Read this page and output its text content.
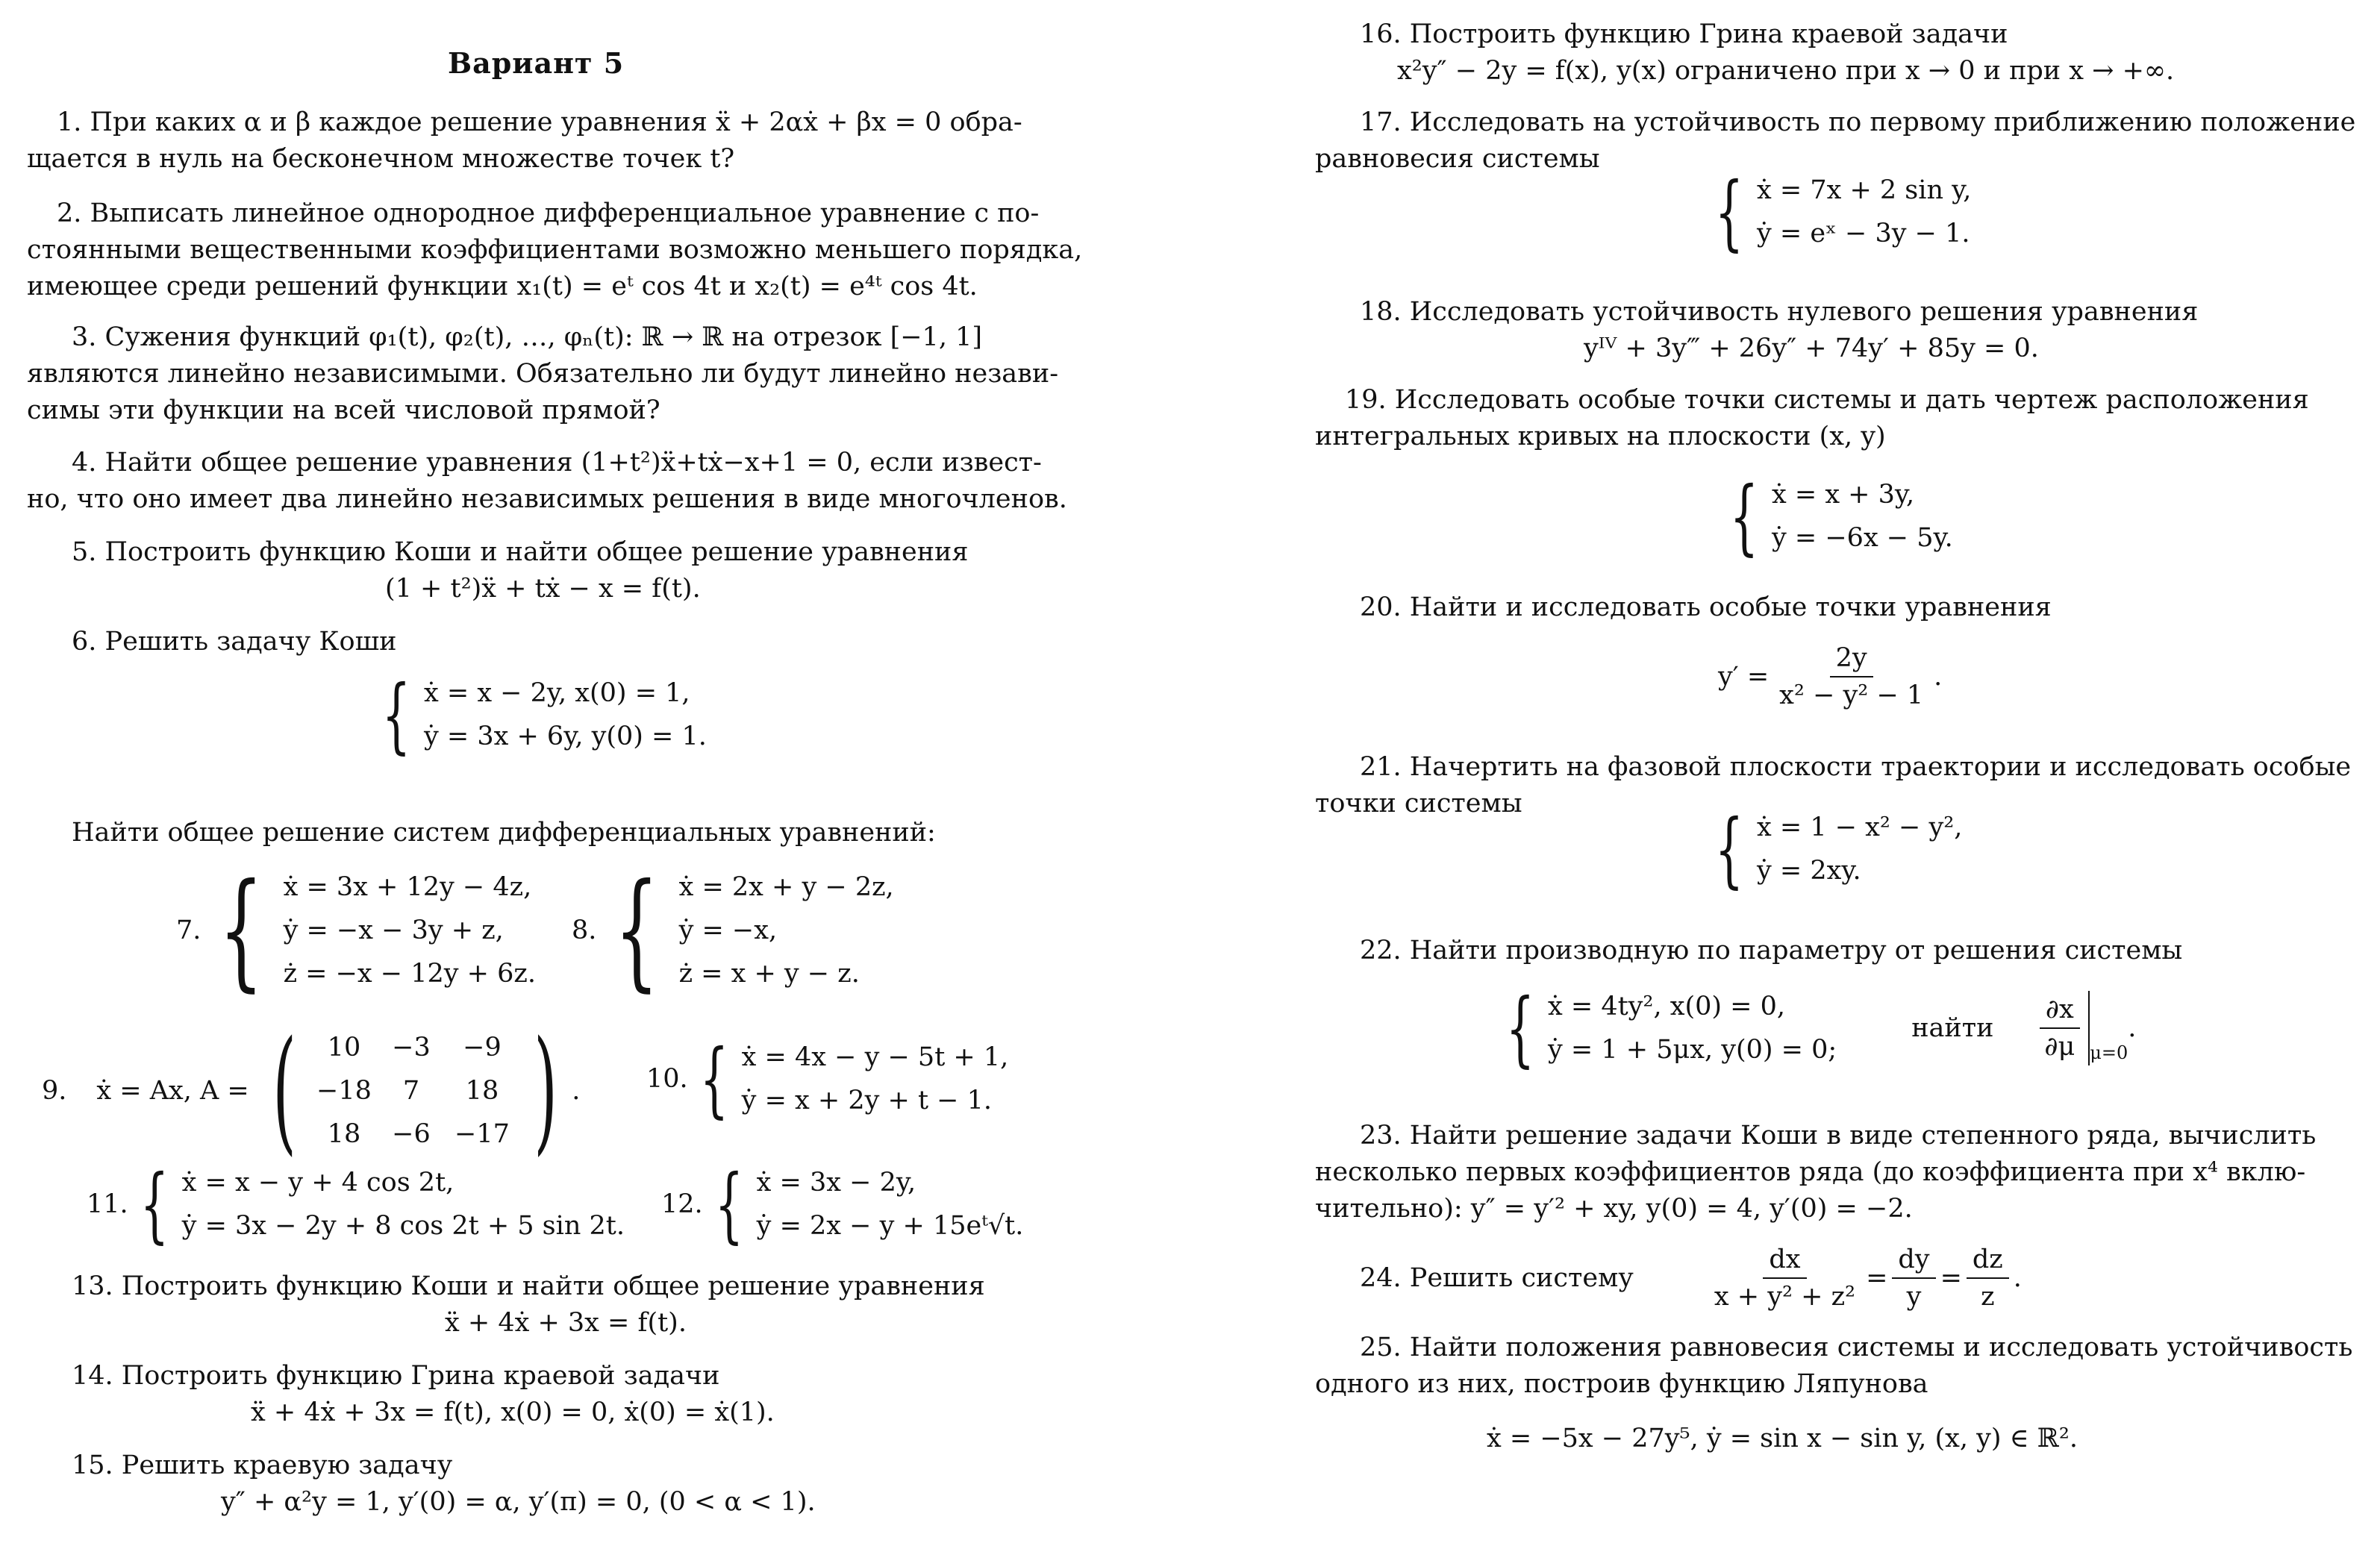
Вариант 5
1. При каких α и β каждое решение уравнения ẍ + 2αẋ + βx = 0 обра-
щается в нуль на бесконечном множестве точек t?
2. Выписать линейное однородное дифференциальное уравнение с по-
стоянными вещественными коэффициентами возможно меньшего порядка,
имеющее среди решений функции x₁(t) = eᵗ cos 4t и x₂(t) = e⁴ᵗ cos 4t.
3. Сужения функций φ₁(t), φ₂(t), …, φₙ(t): ℝ → ℝ на отрезок [−1, 1]
являются линейно независимыми. Обязательно ли будут линейно незави-
симы эти функции на всей числовой прямой?
4. Найти общее решение уравнения (1+t²)ẍ+tẋ−x+1 = 0, если извест-
но, что оно имеет два линейно независимых решения в виде многочленов.
5. Построить функцию Коши и найти общее решение уравнения
(1 + t²)ẍ + tẋ − x = f(t).
6. Решить задачу Коши
{ ẋ = x − 2y, x(0) = 1,
ẏ = 3x + 6y, y(0) = 1.
Найти общее решение систем дифференциальных уравнений:
7. { ẋ = 3x + 12y − 4z,
ẏ = −x − 3y + z,
ż = −x − 12y + 6z.
8. { ẋ = 2x + y − 2z,
ẏ = −x,
ż = x + y − z.
9. ẋ = Ax, A = (	10	−3	−9
−18	7	18
18	−6 −17 ) .	10. { ẋ = 4x − y − 5t + 1,
ẏ = x + 2y + t − 1.
11. { ẋ = x − y + 4 cos 2t,
ẏ = 3x − 2y + 8 cos 2t + 5 sin 2t.
12. { ẋ = 3x − 2y,
ẏ = 2x − y + 15eᵗ√t.
13. Построить функцию Коши и найти общее решение уравнения
ẍ + 4ẋ + 3x = f(t).
14. Построить функцию Грина краевой задачи
ẍ + 4ẋ + 3x = f(t), x(0) = 0, ẋ(0) = ẋ(1).
15. Решить краевую задачу
y″ + α²y = 1, y′(0) = α, y′(π) = 0, (0 < α < 1).
16. Построить функцию Грина краевой задачи
x²y″ − 2y = f(x), y(x) ограничено при x → 0 и при x → +∞.
17. Исследовать на устойчивость по первому приближению положение
равновесия системы
{ ẋ = 7x + 2 sin y,
ẏ = eˣ − 3y − 1.
18. Исследовать устойчивость нулевого решения уравнения
yᴵⱽ + 3y‴ + 26y″ + 74y′ + 85y = 0.
19. Исследовать особые точки системы и дать чертеж расположения
интегральных кривых на плоскости (x, y)
{ ẋ = x + 3y,
ẏ = −6x − 5y.
20. Найти и исследовать особые точки уравнения
$y' = \frac{2y}{\text{x² − y² − 1}}$ .
21. Начертить на фазовой плоскости траектории и исследовать особые
точки системы	{ ẋ = 1 − x² − y²,
ẏ = 2xy.
22. Найти производную по параметру от решения системы
{ ẋ = 4ty², x(0) = 0,
ẏ = 1 + 5μx, y(0) = 0;
найти $\frac{\partial x}{\partial\mu} \mu=0$
.
23. Найти решение задачи Коши в виде степенного ряда, вычислить
несколько первых коэффициентов ряда (до коэффициента при x⁴ вклю-
чительно): y″ = y′² + xy, y(0) = 4, y′(0) = −2.
24. Решить систему	$\frac{dx}{\text{x + y² + z²}} = \frac{dy}{y} = \frac{dz}{z}$ .
25. Найти положения равновесия системы и исследовать устойчивость
одного из них, построив функцию Ляпунова
ẋ = −5x − 27y⁵, ẏ = sin x − sin y, (x, y) ∈ ℝ².
